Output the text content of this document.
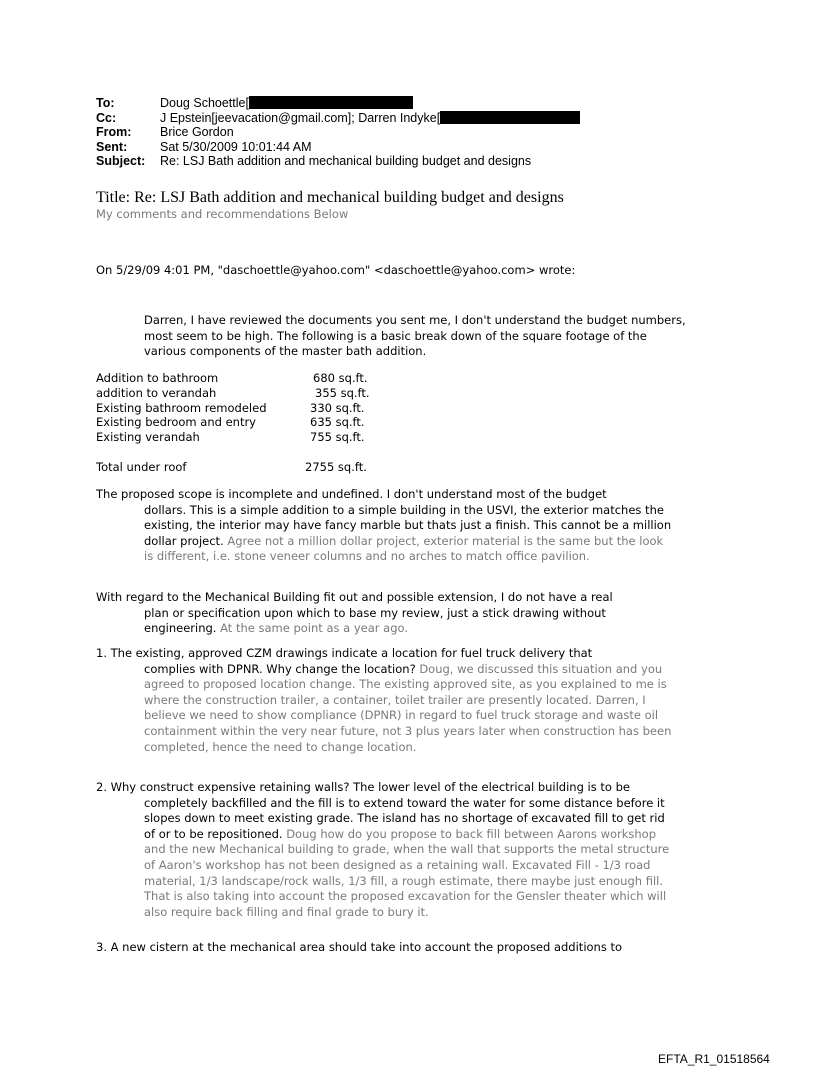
To:	Doug Schoettle[
Cc:	J Epstein[jeevacation@gmail.com]; Darren Indyke[
From:	Brice Gordon
Sent:	Sat 5/30/2009 10:01:44 AM
Subject:	Re: LSJ Bath addition and mechanical building budget and designs
Title: Re: LSJ Bath addition and mechanical building budget and designs
My comments and recommendations Below
On 5/29/09 4:01 PM, "daschoettle@yahoo.com" <daschoettle@yahoo.com> wrote:
Darren, I have reviewed the documents you sent me, I don't understand the budget numbers, most seem to be high. The following is a basic break down of the square footage of the various components of the master bath addition.
Addition to bathroom	680 sq.ft.
addition to verandah	355 sq.ft.
Existing bathroom remodeled	330 sq.ft.
Existing bedroom and entry	635 sq.ft.
Existing verandah	755 sq.ft.
Total under roof	2755 sq.ft.
The proposed scope is incomplete and undefined. I don't understand most of the budget
dollars. This is a simple addition to a simple building in the USVI, the exterior matches the existing, the interior may have fancy marble but thats just a finish. This cannot be a million dollar project. Agree not a million dollar project, exterior material is the same but the look is different, i.e. stone veneer columns and no arches to match office pavilion.
With regard to the Mechanical Building fit out and possible extension, I do not have a real
plan or specification upon which to base my review, just a stick drawing without engineering. At the same point as a year ago.
1. The existing, approved CZM drawings indicate a location for fuel truck delivery that
complies with DPNR. Why change the location? Doug, we discussed this situation and you agreed to proposed location change. The existing approved site, as you explained to me is where the construction trailer, a container, toilet trailer are presently located. Darren, I believe we need to show compliance (DPNR) in regard to fuel truck storage and waste oil containment within the very near future, not 3 plus years later when construction has been completed, hence the need to change location.
2. Why construct expensive retaining walls? The lower level of the electrical building is to be
completely backfilled and the fill is to extend toward the water for some distance before it slopes down to meet existing grade. The island has no shortage of excavated fill to get rid of or to be repositioned. Doug how do you propose to back fill between Aarons workshop and the new Mechanical building to grade, when the wall that supports the metal structure of Aaron's workshop has not been designed as a retaining wall. Excavated Fill - 1/3 road material, 1/3 landscape/rock walls, 1/3 fill, a rough estimate, there maybe just enough fill. That is also taking into account the proposed excavation for the Gensler theater which will also require back filling and final grade to bury it.
3. A new cistern at the mechanical area should take into account the proposed additions to
EFTA_R1_01518564
